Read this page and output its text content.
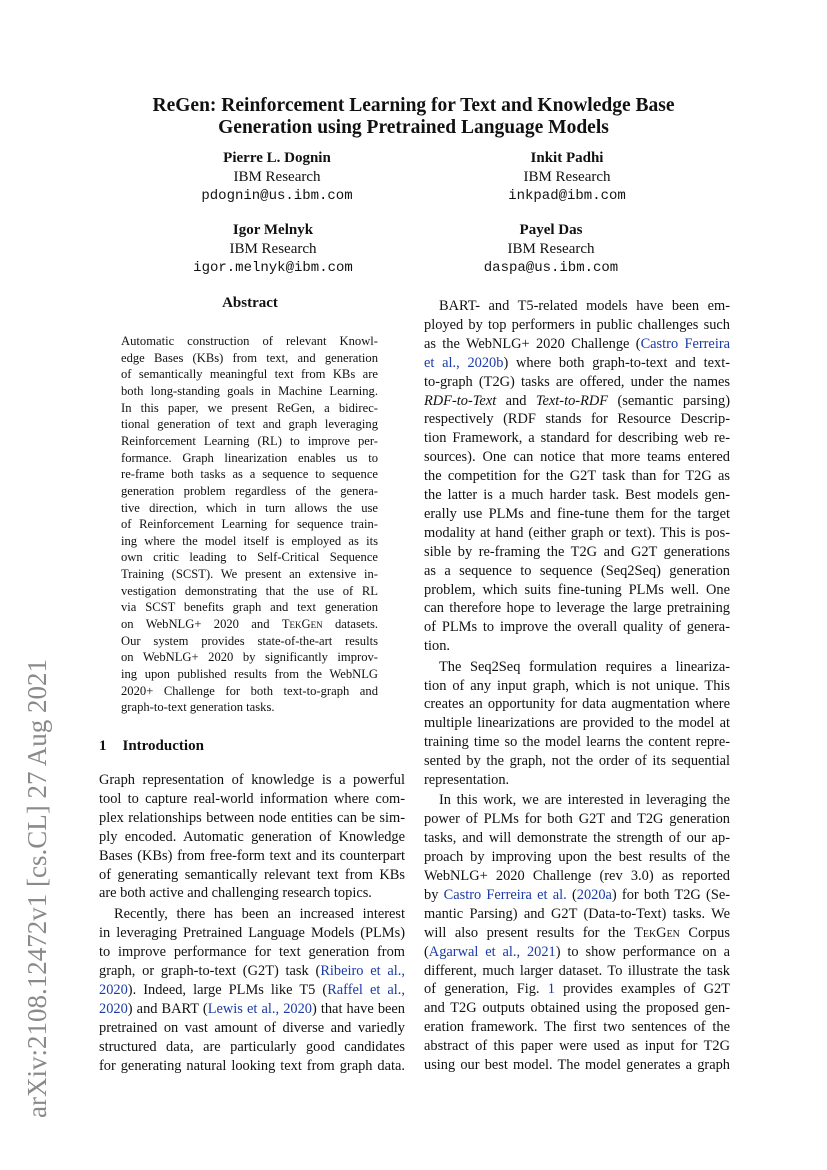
arXiv:2108.12472v1 [cs.CL] 27 Aug 2021
ReGen: Reinforcement Learning for Text and Knowledge Base
Generation using Pretrained Language Models
Pierre L. Dognin
IBM Research
pdognin@us.ibm.com
Inkit Padhi
IBM Research
inkpad@ibm.com
Igor Melnyk
IBM Research
igor.melnyk@ibm.com
Payel Das
IBM Research
daspa@us.ibm.com
Abstract
Automatic construction of relevant Knowl-
edge Bases (KBs) from text, and generation
of semantically meaningful text from KBs are
both long-standing goals in Machine Learning.
In this paper, we present ReGen, a bidirec-
tional generation of text and graph leveraging
Reinforcement Learning (RL) to improve per-
formance. Graph linearization enables us to
re-frame both tasks as a sequence to sequence
generation problem regardless of the genera-
tive direction, which in turn allows the use
of Reinforcement Learning for sequence train-
ing where the model itself is employed as its
own critic leading to Self-Critical Sequence
Training (SCST). We present an extensive in-
vestigation demonstrating that the use of RL
via SCST benefits graph and text generation
on WebNLG+ 2020 and TekGen datasets.
Our system provides state-of-the-art results
on WebNLG+ 2020 by significantly improv-
ing upon published results from the WebNLG
2020+ Challenge for both text-to-graph and
graph-to-text generation tasks.
1 Introduction
Graph representation of knowledge is a powerful
tool to capture real-world information where com-
plex relationships between node entities can be sim-
ply encoded. Automatic generation of Knowledge
Bases (KBs) from free-form text and its counterpart
of generating semantically relevant text from KBs
are both active and challenging research topics.
Recently, there has been an increased interest
in leveraging Pretrained Language Models (PLMs)
to improve performance for text generation from
graph, or graph-to-text (G2T) task (Ribeiro et al.,
2020). Indeed, large PLMs like T5 (Raffel et al.,
2020) and BART (Lewis et al., 2020) that have been
pretrained on vast amount of diverse and variedly
structured data, are particularly good candidates
for generating natural looking text from graph data.
BART- and T5-related models have been em-
ployed by top performers in public challenges such
as the WebNLG+ 2020 Challenge (Castro Ferreira
et al., 2020b) where both graph-to-text and text-
to-graph (T2G) tasks are offered, under the names
RDF-to-Text and Text-to-RDF (semantic parsing)
respectively (RDF stands for Resource Descrip-
tion Framework, a standard for describing web re-
sources). One can notice that more teams entered
the competition for the G2T task than for T2G as
the latter is a much harder task. Best models gen-
erally use PLMs and fine-tune them for the target
modality at hand (either graph or text). This is pos-
sible by re-framing the T2G and G2T generations
as a sequence to sequence (Seq2Seq) generation
problem, which suits fine-tuning PLMs well. One
can therefore hope to leverage the large pretraining
of PLMs to improve the overall quality of genera-
tion.
The Seq2Seq formulation requires a lineariza-
tion of any input graph, which is not unique. This
creates an opportunity for data augmentation where
multiple linearizations are provided to the model at
training time so the model learns the content repre-
sented by the graph, not the order of its sequential
representation.
In this work, we are interested in leveraging the
power of PLMs for both G2T and T2G generation
tasks, and will demonstrate the strength of our ap-
proach by improving upon the best results of the
WebNLG+ 2020 Challenge (rev 3.0) as reported
by Castro Ferreira et al. (2020a) for both T2G (Se-
mantic Parsing) and G2T (Data-to-Text) tasks. We
will also present results for the TekGen Corpus
(Agarwal et al., 2021) to show performance on a
different, much larger dataset. To illustrate the task
of generation, Fig. 1 provides examples of G2T
and T2G outputs obtained using the proposed gen-
eration framework. The first two sentences of the
abstract of this paper were used as input for T2G
using our best model. The model generates a graph
